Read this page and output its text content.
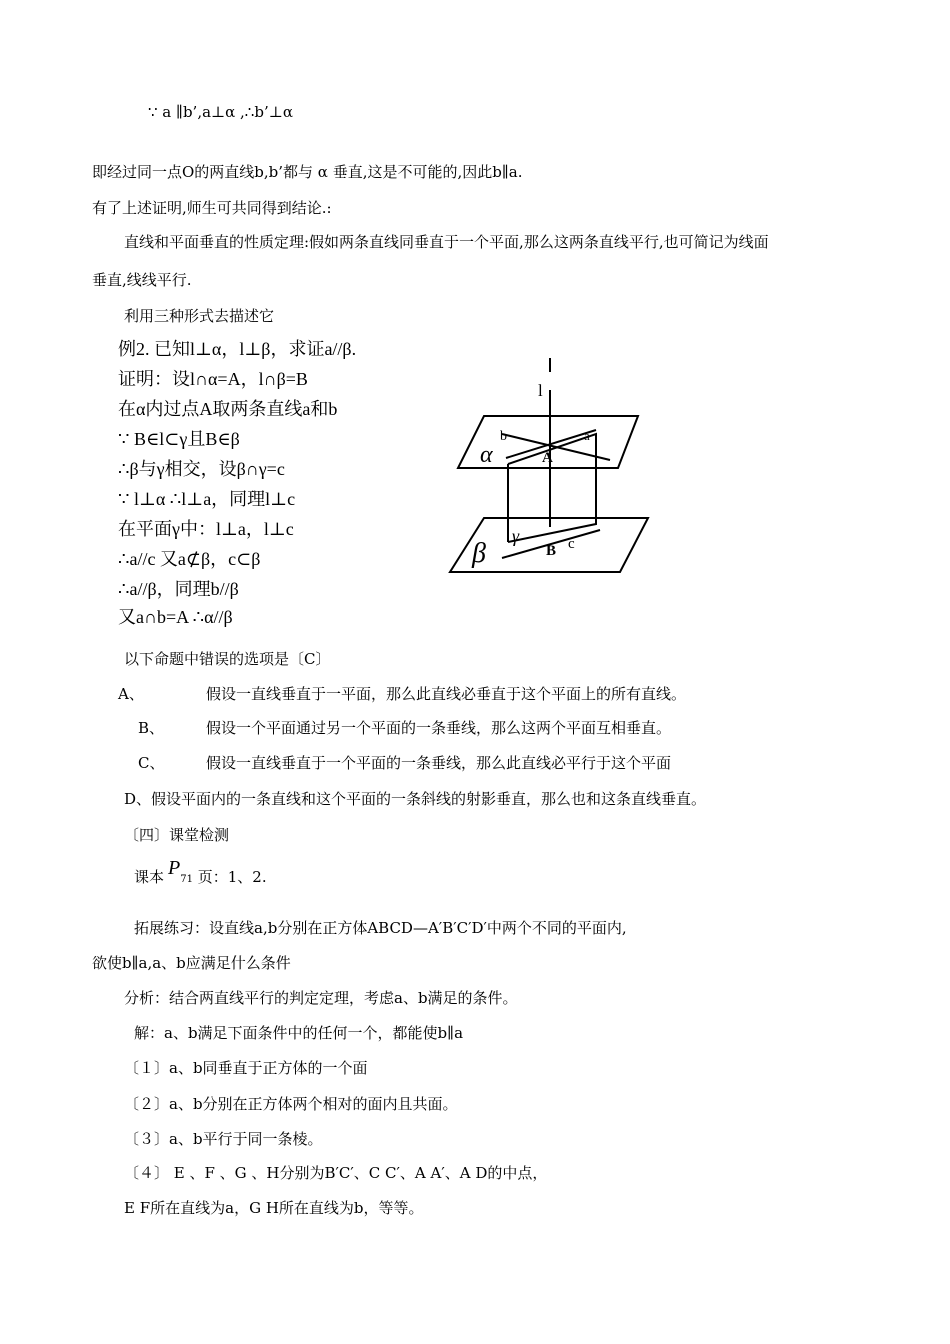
∵ a ∥b’,a⊥α ,∴b’⊥α
即经过同一点O的两直线b,b’都与 α 垂直,这是不可能的,因此b∥a.
有了上述证明,师生可共同得到结论.:
直线和平面垂直的性质定理:假如两条直线同垂直于一个平面,那么这两条直线平行,也可简记为线面
垂直,线线平行.
利用三种形式去描述它
例2. 已知l⊥α，l⊥β，求证a//β.
证明：设l∩α=A，l∩β=B
在α内过点A取两条直线a和b
∵ B∈l⊂γ且B∈β
∴β与γ相交，设β∩γ=c
∵ l⊥α ∴l⊥a，同理l⊥c
在平面γ中：l⊥a，l⊥c
∴a//c 又a⊄β，c⊂β
∴a//β，同理b//β
又a∩b=A ∴α//β
l
b	a
α	A
γ	c
β	B
以下命题中错误的选项是〔C〕
A、	假设一直线垂直于一平面，那么此直线必垂直于这个平面上的所有直线。
B、	假设一个平面通过另一个平面的一条垂线，那么这两个平面互相垂直。
C、	假设一直线垂直于一个平面的一条垂线，那么此直线必平行于这个平面
D、假设平面内的一条直线和这个平面的一条斜线的射影垂直，那么也和这条直线垂直。
〔四〕课堂检测
课本 P71 页：1、2.
拓展练习：设直线a,b分别在正方体ABCD—A′B′C′D′中两个不同的平面内,
欲使b∥a,a、b应满足什么条件
分析：结合两直线平行的判定定理，考虑a、b满足的条件。
解：a、b满足下面条件中的任何一个，都能使b∥a
〔１〕a、b同垂直于正方体的一个面
〔２〕a、b分别在正方体两个相对的面内且共面。
〔３〕a、b平行于同一条棱。
〔４〕 E 、F 、G 、H分别为B′C′、C C′、A A′、A D的中点，
E F所在直线为a，G H所在直线为b，等等。
